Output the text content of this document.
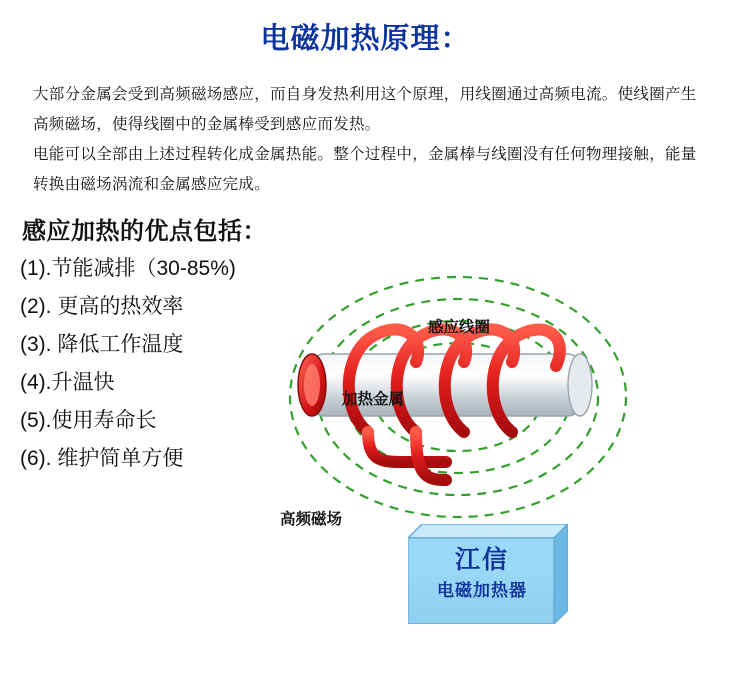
电磁加热原理：
大部分金属会受到高频磁场感应，而自身发热利用这个原理，用线圈通过高频电流。使线圈产生高频磁场，使得线圈中的金属棒受到感应而发热。
电能可以全部由上述过程转化成金属热能。整个过程中，金属棒与线圈没有任何物理接触，能量转换由磁场涡流和金属感应完成。
感应加热的优点包括：
(1).节能减排（30-85%)
(2). 更高的热效率
(3). 降低工作温度
(4).升温快
(5).使用寿命长
(6). 维护简单方便
感应线圈
加热金属
高频磁场
江信
电磁加热器
